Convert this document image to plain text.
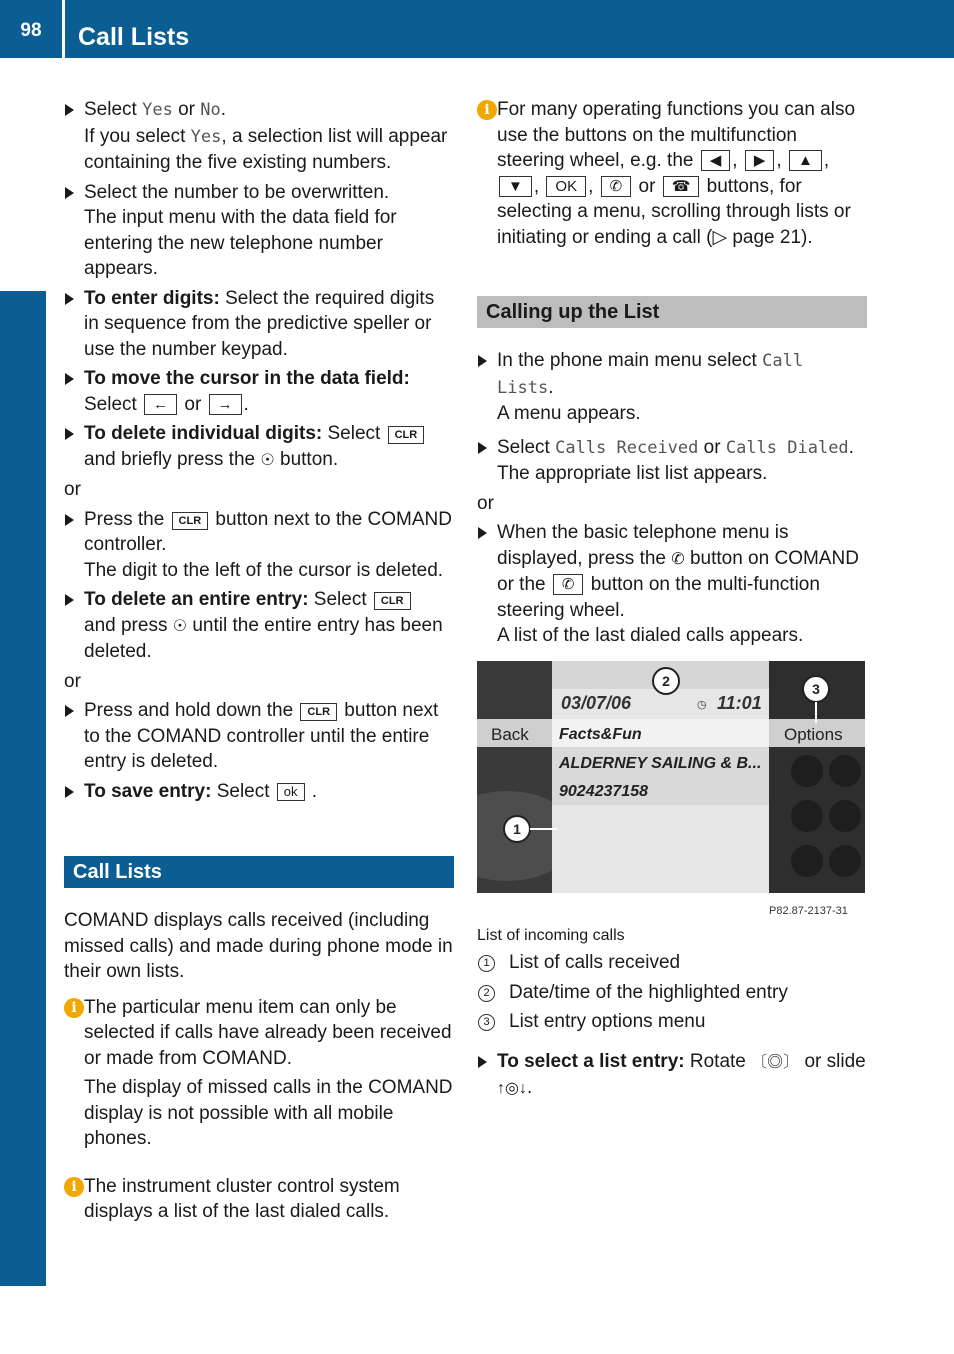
98	Call Lists
Telephone
Select Yes or No.
If you select Yes, a selection list will appear containing the five existing numbers.
Select the number to be overwritten.
The input menu with the data field for entering the new telephone number appears.
To enter digits: Select the required digits in sequence from the predictive speller or use the number keypad.
To move the cursor in the data field:
Select ← or → .
To delete individual digits: Select CLR
and briefly press the ☉ button.
or
Press the CLR button next to the COMAND controller.
The digit to the left of the cursor is deleted.
To delete an entire entry: Select CLR
and press ☉ until the entire entry has been deleted.
or
Press and hold down the CLR button next to the COMAND controller until the entire entry is deleted.
To save entry: Select ok .
Call Lists
COMAND displays calls received (including missed calls) and made during phone mode in their own lists.
i The particular menu item can only be selected if calls have already been received or made from COMAND.
The display of missed calls in the COMAND display is not possible with all mobile phones.
i The instrument cluster control system displays a list of the last dialed calls.
i For many operating functions you can also use the buttons on the multifunction steering wheel, e.g. the ◀ , ▶ , ▲ , ▼ , OK , ✆ or ☎ buttons, for selecting a menu, scrolling through lists or initiating or ending a call (▷ page 21).
Calling up the List
In the phone main menu select Call Lists.
A menu appears.
Select Calls Received or Calls Dialed.
The appropriate list list appears.
or
When the basic telephone menu is displayed, press the ✆ button on COMAND or the ✆ button on the multi-function steering wheel.
A list of the last dialed calls appears.
03/07/06	◷ 11:01
Back	Options
Facts&Fun
ALDERNEY SAILING & B...
9024237158
2	3
1
P82.87-2137-31
List of incoming calls
1 List of calls received
2 Date/time of the highlighted entry
3 List entry options menu
To select a list entry: Rotate 〔◎〕 or slide
↑◎↓.
